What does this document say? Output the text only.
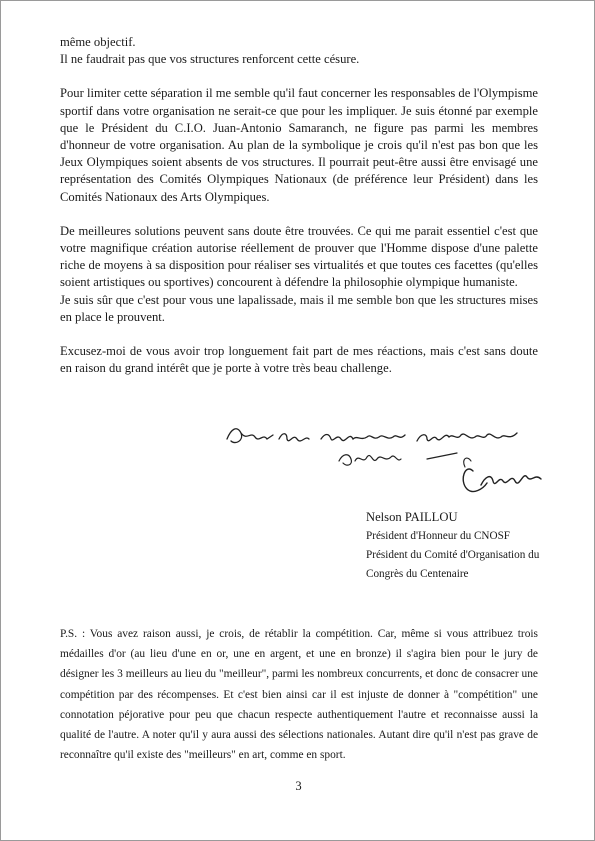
même objectif.

Il ne faudrait pas que vos structures renforcent cette césure.

Pour limiter cette séparation il me semble qu'il faut concerner les responsables de l'Olympisme sportif dans votre organisation ne serait-ce que pour les impliquer. Je suis étonné par exemple que le Président du C.I.O. Juan-Antonio Samaranch, ne figure pas parmi les membres d'honneur de votre organisation. Au plan de la symbolique je crois qu'il n'est pas bon que les Jeux Olympiques soient absents de vos structures. Il pourrait peut-être aussi être envisagé une représentation des Comités Olympiques Nationaux (de préférence leur Président) dans les Comités Nationaux des Arts Olympiques.

De meilleures solutions peuvent sans doute être trouvées. Ce qui me parait essentiel c'est que votre magnifique création autorise réellement de prouver que l'Homme dispose d'une palette riche de moyens à sa disposition pour réaliser ses virtualités et que toutes ces facettes (qu'elles soient artistiques ou sportives) concourent à défendre la philosophie olympique humaniste.

Je suis sûr que c'est pour vous une lapalissade, mais il me semble bon que les structures mises en place le prouvent.

Excusez-moi de vous avoir trop longuement fait part de mes réactions, mais c'est sans doute en raison du grand intérêt que je porte à votre très beau challenge.

Nelson PAILLOU
Président d'Honneur du CNOSF
Président du Comité d'Organisation du
Congrès du Centenaire

P.S. : Vous avez raison aussi, je crois, de rétablir la compétition. Car, même si vous attribuez trois médailles d'or (au lieu d'une en or, une en argent, et une en bronze) il s'agira bien pour le jury de désigner les 3 meilleurs au lieu du "meilleur", parmi les nombreux concurrents, et donc de consacrer une compétition par des récompenses. Et c'est bien ainsi car il est injuste de donner à "compétition" une connotation péjorative pour peu que chacun respecte authentiquement l'autre et reconnaisse aussi la qualité de l'autre. A noter qu'il y aura aussi des sélections nationales. Autant dire qu'il n'est pas grave de reconnaître qu'il existe des "meilleurs" en art, comme en sport.

3
